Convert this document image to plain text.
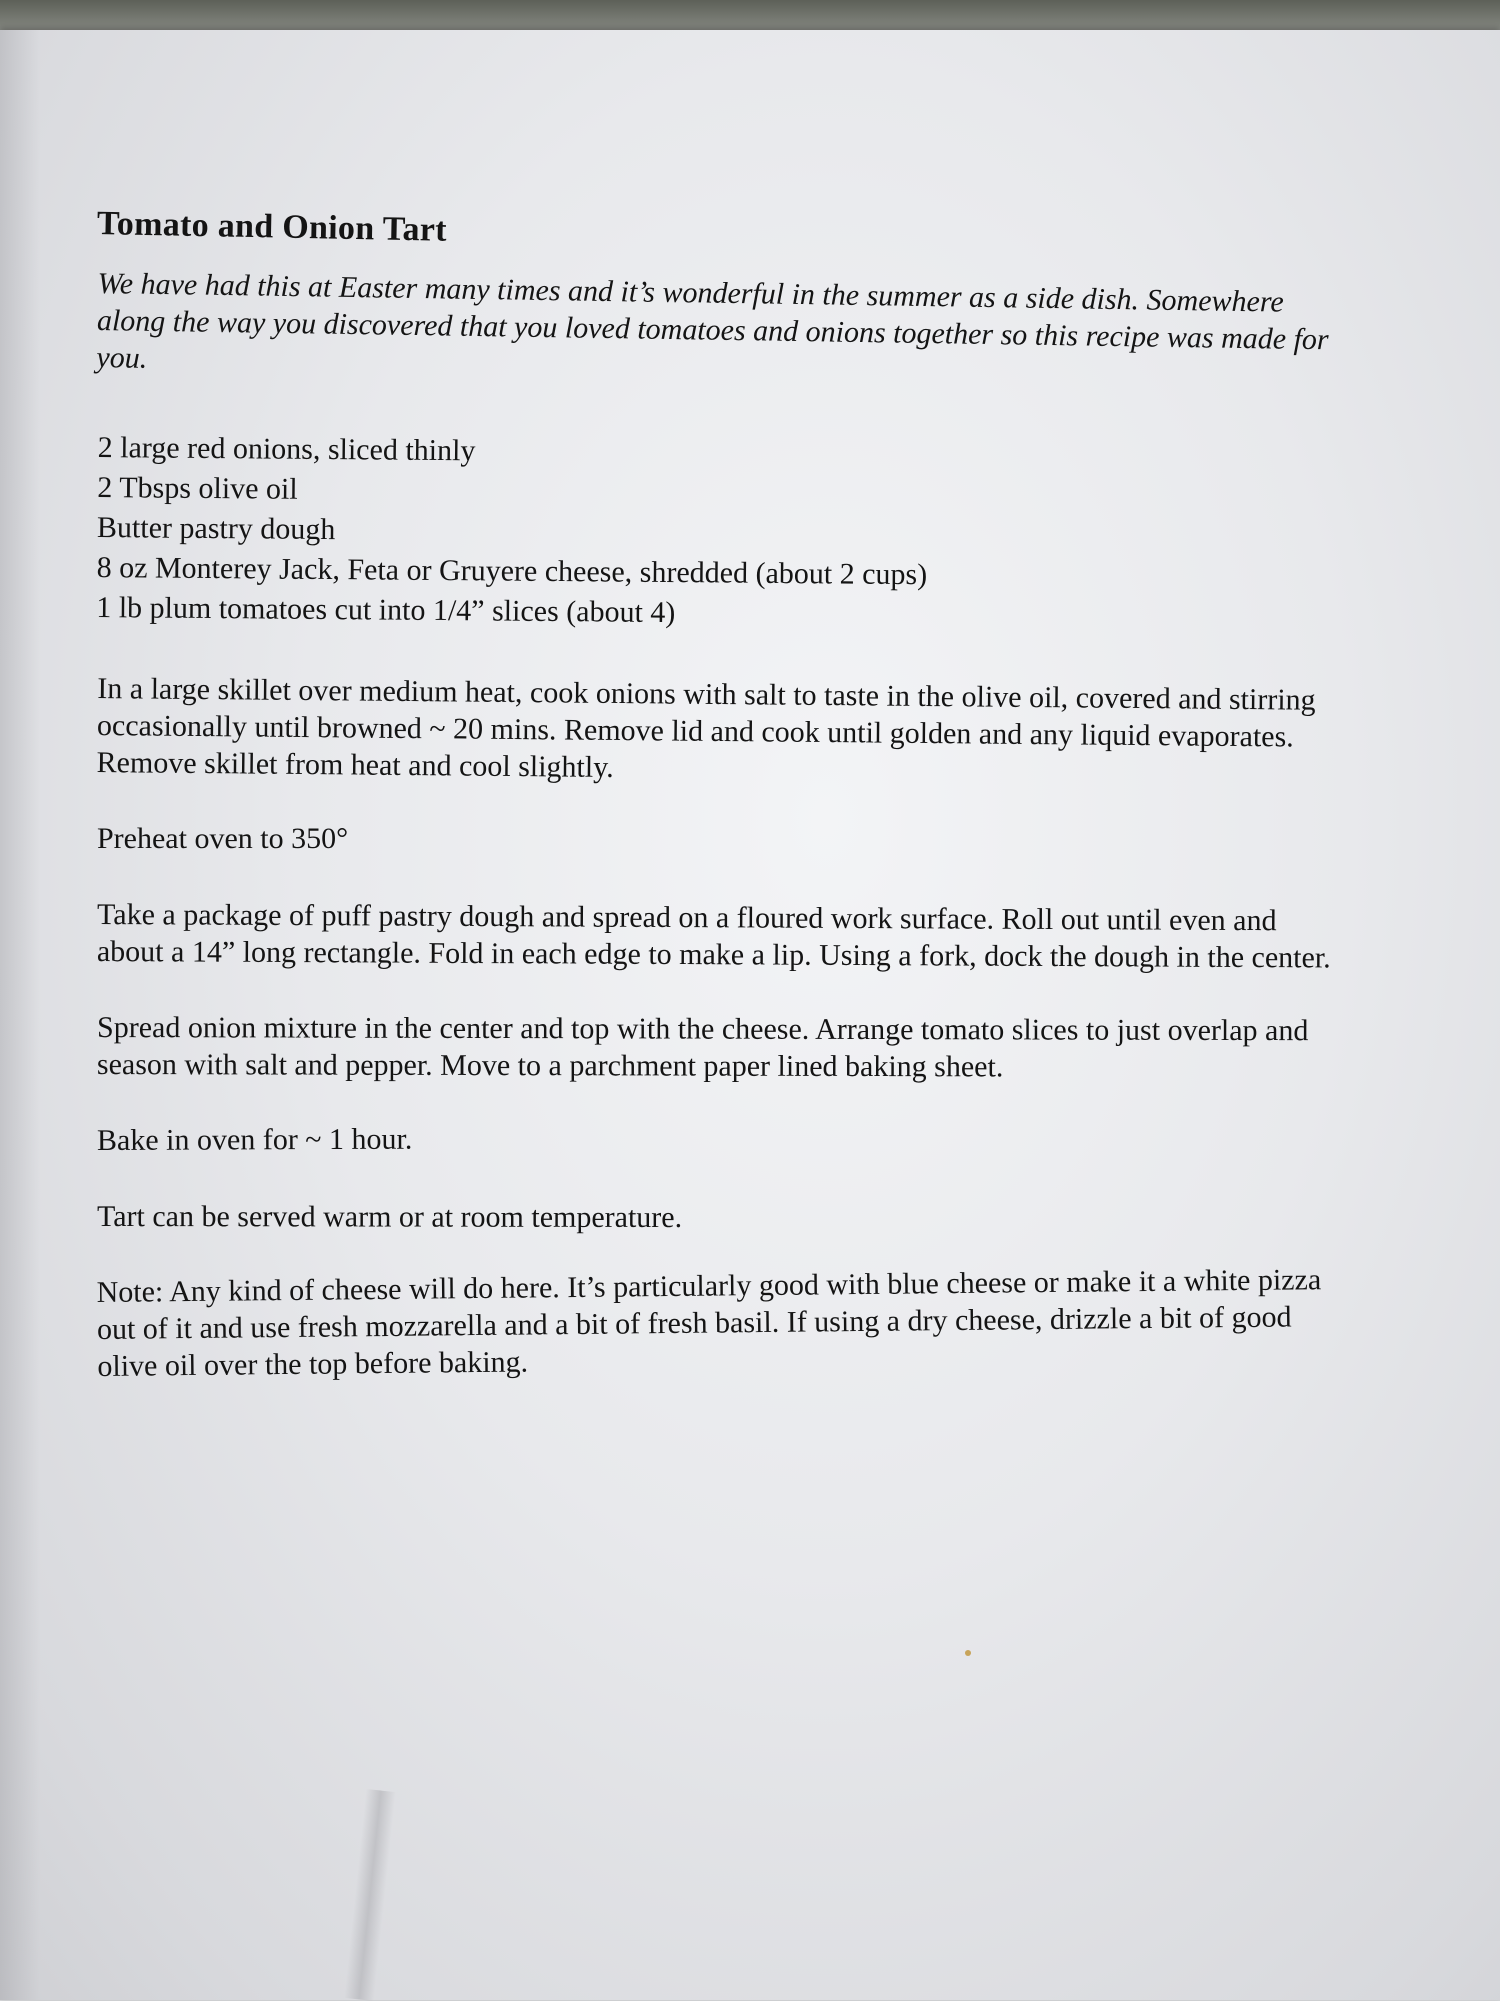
Tomato and Onion Tart

We have had this at Easter many times and it’s wonderful in the summer as a side dish. Somewhere along the way you discovered that you loved tomatoes and onions together so this recipe was made for you.

2 large red onions, sliced thinly
2 Tbsps olive oil
Butter pastry dough
8 oz Monterey Jack, Feta or Gruyere cheese, shredded (about 2 cups)
1 lb plum tomatoes cut into 1/4” slices (about 4)

In a large skillet over medium heat, cook onions with salt to taste in the olive oil, covered and stirring occasionally until browned ~ 20 mins. Remove lid and cook until golden and any liquid evaporates. Remove skillet from heat and cool slightly.

Preheat oven to 350°

Take a package of puff pastry dough and spread on a floured work surface. Roll out until even and about a 14” long rectangle. Fold in each edge to make a lip. Using a fork, dock the dough in the center.

Spread onion mixture in the center and top with the cheese. Arrange tomato slices to just overlap and season with salt and pepper. Move to a parchment paper lined baking sheet.

Bake in oven for ~ 1 hour.

Tart can be served warm or at room temperature.

Note: Any kind of cheese will do here. It’s particularly good with blue cheese or make it a white pizza out of it and use fresh mozzarella and a bit of fresh basil. If using a dry cheese, drizzle a bit of good olive oil over the top before baking.
